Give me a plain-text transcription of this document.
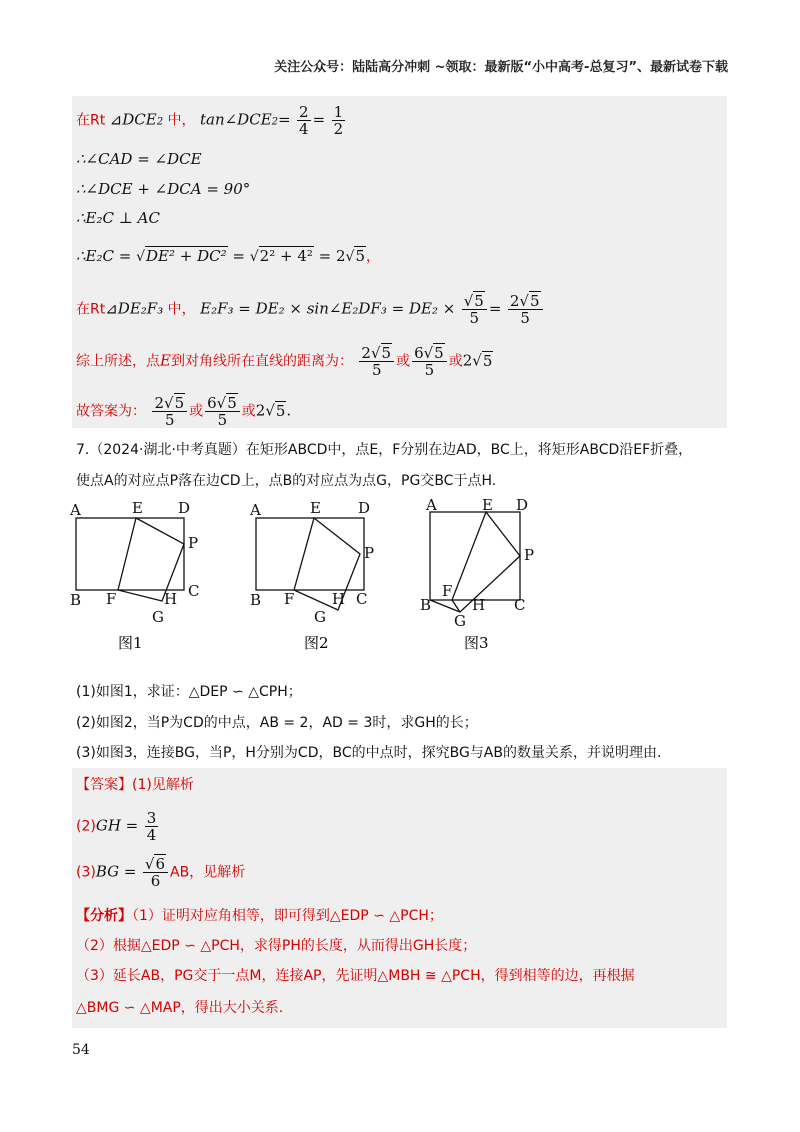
关注公众号：陆陆高分冲刺 ~领取：最新版“小中高考-总复习”、最新试卷下载
在Rt ⊿DCE2 中， tan∠DCE2= $\frac{2}{4} = \frac{1}{2}$
∴∠CAD = ∠DCE
∴∠DCE + ∠DCA = 90°
∴E₂C ⊥ AC
∴E₂C = √DE² + DC² = √2² + 4² = 2√5，
在Rt⊿DE₂F₃ 中， E₂F₃ = DE₂ × sin∠E₂DF₃ = $DE_2 \times \frac{√5}{5} = \frac{2√5}{5}$
综上所述，点E到对角线所在直线的距离为： $\frac{2√5}{5}$ 或 $\frac{6√5}{5}$ 或2√5
故答案为： $\frac{2√5}{5}$ 或 $\frac{6√5}{5}$ 或2√5.
7.（2024·湖北·中考真题）在矩形ABCD中，点E，F分别在边AD，BC上，将矩形ABCD沿EF折叠，
使点A的对应点P落在边CD上，点B的对应点为点G，PG交BC于点H.
A	E D
P
C
B F	H
G
A	E D
P
C
B F	H
G
A	E D
P
C
B
F
H
G
图1	图2	图3
(1)如图1，求证：△DEP ∽ △CPH；
(2)如图2，当P为CD的中点，AB = 2，AD = 3时，求GH的长；
(3)如图3，连接BG，当P，H分别为CD，BC的中点时，探究BG与AB的数量关系，并说明理由.
【答案】(1)见解析
$(2)GH = \frac{3}{4}$
$(3)BG = \frac{√6}{6}$ AB，见解析
【分析】（1）证明对应角相等，即可得到△EDP ∽ △PCH；
（2）根据△EDP ∽ △PCH，求得PH的长度，从而得出GH长度；
（3）延长AB，PG交于一点M，连接AP，先证明△MBH ≅ △PCH，得到相等的边，再根据
△BMG ∽ △MAP，得出大小关系.
54
